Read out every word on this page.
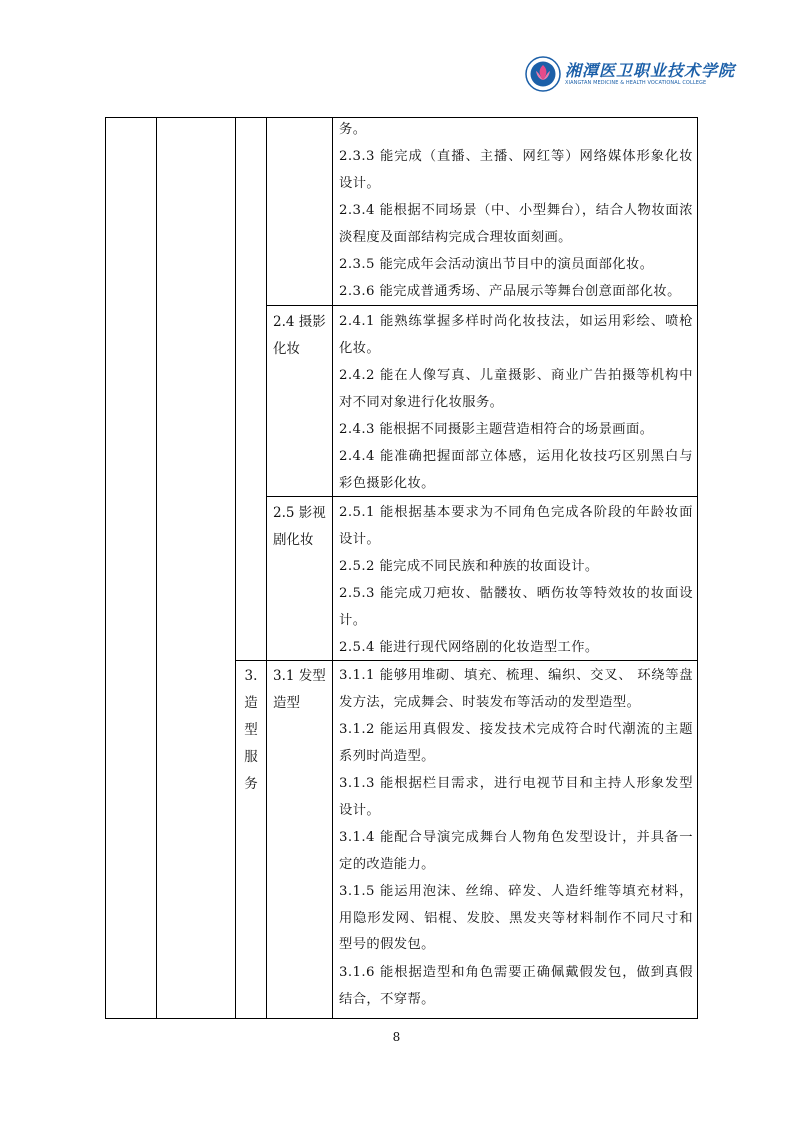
湘潭医卫职业技术学院
XIANGTAN MEDICINE & HEALTH VOCATIONAL COLLEGE
务。
2.3.3 能完成（直播、主播、网红等）网络媒体形象化妆设计。
2.3.4 能根据不同场景（中、小型舞台），结合人物妆面浓淡程度及面部结构完成合理妆面刻画。
2.3.5 能完成年会活动演出节目中的演员面部化妆。
2.3.6 能完成普通秀场、产品展示等舞台创意面部化妆。
2.4 摄影化妆
2.4.1 能熟练掌握多样时尚化妆技法，如运用彩绘、喷枪化妆。
2.4.2 能在人像写真、儿童摄影、商业广告拍摄等机构中对不同对象进行化妆服务。
2.4.3 能根据不同摄影主题营造相符合的场景画面。
2.4.4 能准确把握面部立体感，运用化妆技巧区别黑白与彩色摄影化妆。
2.5 影视剧化妆
2.5.1 能根据基本要求为不同角色完成各阶段的年龄妆面设计。
2.5.2 能完成不同民族和种族的妆面设计。
2.5.3 能完成刀疤妆、骷髅妆、晒伤妆等特效妆的妆面设计。
2.5.4 能进行现代网络剧的化妆造型工作。
3. 造型服务
3.1 发型造型
3.1.1 能够用堆砌、填充、梳理、编织、交叉、 环绕等盘发方法，完成舞会、时装发布等活动的发型造型。
3.1.2 能运用真假发、接发技术完成符合时代潮流的主题系列时尚造型。
3.1.3 能根据栏目需求，进行电视节目和主持人形象发型设计。
3.1.4 能配合导演完成舞台人物角色发型设计，并具备一定的改造能力。
3.1.5 能运用泡沫、丝绵、碎发、人造纤维等填充材料，用隐形发网、铝棍、发胶、黑发夹等材料制作不同尺寸和型号的假发包。
3.1.6 能根据造型和角色需要正确佩戴假发包，做到真假结合，不穿帮。
8
